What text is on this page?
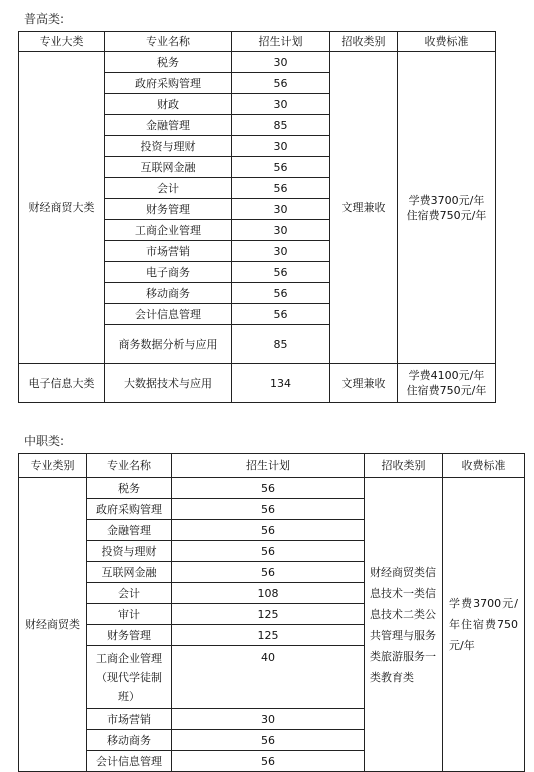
普高类:
专业大类	专业名称	招生计划	招收类别	收费标准
财经商贸大类	税务	30	文理兼收	学费3700元/年
住宿费750元/年

	政府采购管理	56		
	财政	30		
	金融管理	85		
	投资与理财	30		
	互联网金融	56		
	会计	56		
	财务管理	30		
	工商企业管理	30		
	市场营销	30		
	电子商务	56		
	移动商务	56		
	会计信息管理	56		
	商务数据分析与应用	85		
电子信息大类	大数据技术与应用	134	文理兼收	学费4100元/年
住宿费750元/年
中职类:
专业类别	专业名称	招生计划	招收类别	收费标准
财经商贸类	税务	56	财经商贸类信息技术一类信息技术二类公共管理与服务类旅游服务一类教育类	学费3700元/年住宿费750元/年
	政府采购管理	56		
	金融管理	56		
	投资与理财	56		
	互联网金融	56		
	会计	108		
	审计	125		
	财务管理	125		
	工商企业管理（现代学徒制班）	40		
	市场营销	30		
	移动商务	56		
	会计信息管理	56		
